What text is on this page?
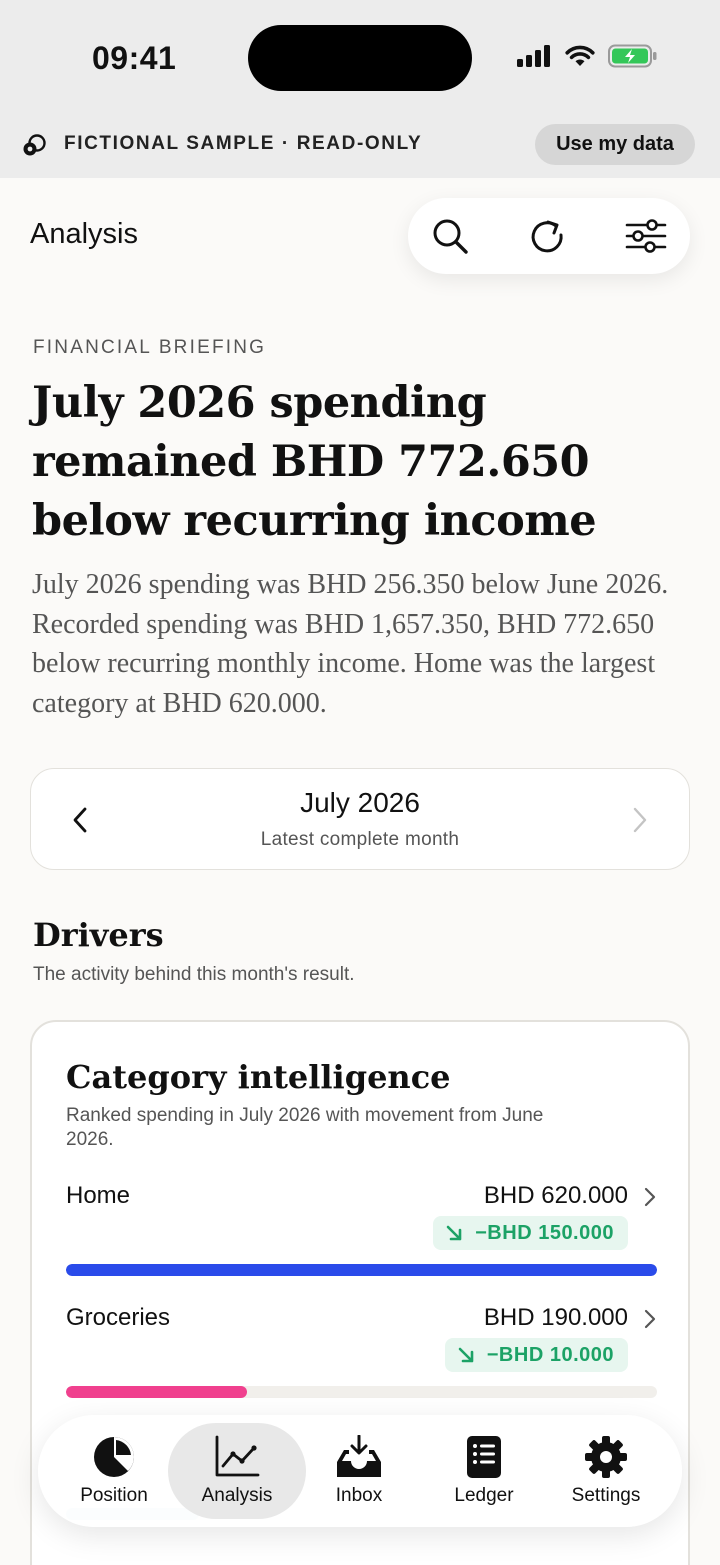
09:41
FICTIONAL SAMPLE · READ-ONLY	Use my data
Analysis
FINANCIAL BRIEFING
July 2026 spending remained BHD 772.650 below recurring income
July 2026 spending was BHD 256.350 below June 2026. Recorded spending was BHD 1,657.350, BHD 772.650 below recurring monthly income. Home was the largest category at BHD 620.000.
July 2026
Latest complete month
Drivers
The activity behind this month's result.
Category intelligence
Ranked spending in July 2026 with movement from June 2026.
Home	BHD 620.000
−BHD 150.000
Groceries	BHD 190.000
−BHD 10.000
Position	Analysis	Inbox	Ledger	Settings
